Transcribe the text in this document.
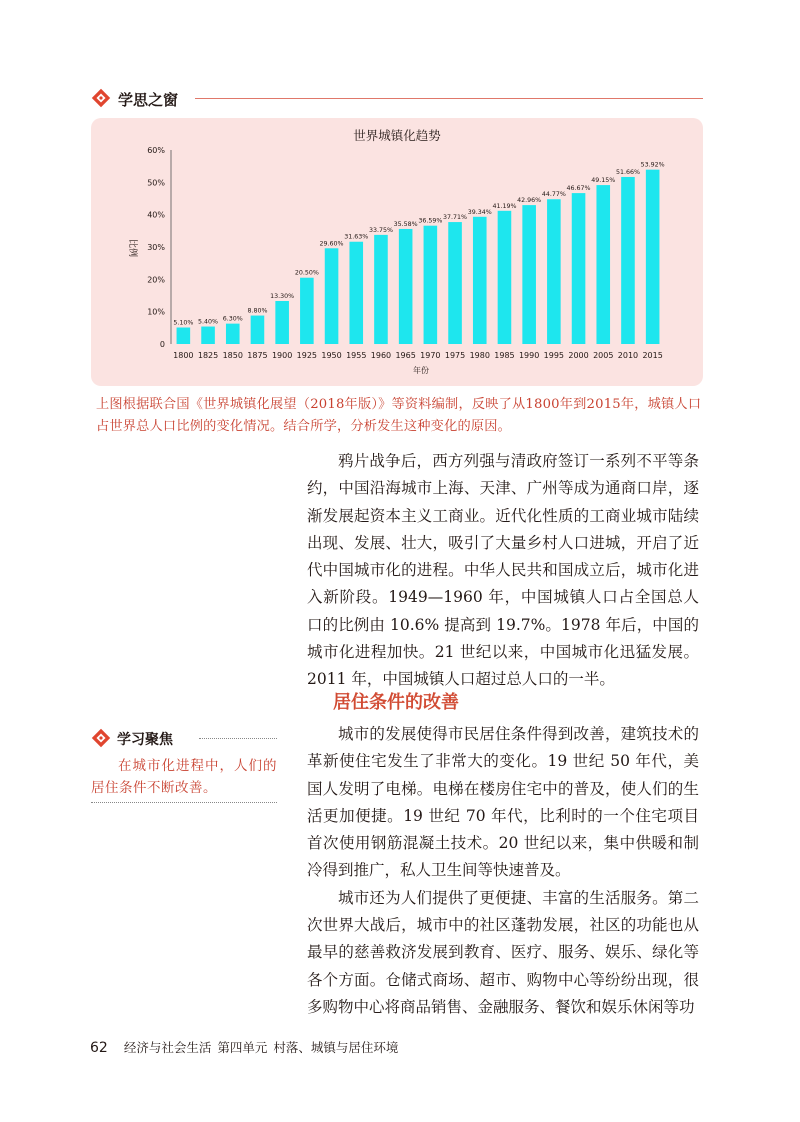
学思之窗
世界城镇化趋势
比例
年份
0
10%
20%
30%
40%
50%
60%
5.10%
1800
5.40%
1825
6.30%
1850
8.80%
1875
13.30%
1900
20.50%
1925
29.60%
1950
31.63%
1955
33.75%
1960
35.58%
1965
36.59%
1970
37.71%
1975
39.34%
1980
41.19%
1985
42.96%
1990
44.77%
1995
46.67%
2000
49.15%
2005
51.66%
2010
53.92%
2015
上图根据联合国《世界城镇化展望（2018年版）》等资料编制，反映了从1800年到2015年，城镇人口占世界总人口比例的变化情况。结合所学，分析发生这种变化的原因。

鸦片战争后，西方列强与清政府签订一系列不平等条约，中国沿海城市上海、天津、广州等成为通商口岸，逐渐发展起资本主义工商业。近代化性质的工商业城市陆续出现、发展、壮大，吸引了大量乡村人口进城，开启了近代中国城市化的进程。中华人民共和国成立后，城市化进入新阶段。1949—1960 年，中国城镇人口占全国总人口的比例由 10.6% 提高到 19.7%。1978 年后，中国的城市化进程加快。21 世纪以来，中国城市化迅猛发展。2011 年，中国城镇人口超过总人口的一半。

居住条件的改善
学习聚焦
在城市化进程中，人们的居住条件不断改善。

城市的发展使得市民居住条件得到改善，建筑技术的革新使住宅发生了非常大的变化。19 世纪 50 年代，美国人发明了电梯。电梯在楼房住宅中的普及，使人们的生活更加便捷。19 世纪 70 年代，比利时的一个住宅项目首次使用钢筋混凝土技术。20 世纪以来，集中供暖和制冷得到推广，私人卫生间等快速普及。

城市还为人们提供了更便捷、丰富的生活服务。第二次世界大战后，城市中的社区蓬勃发展，社区的功能也从最早的慈善救济发展到教育、医疗、服务、娱乐、绿化等各个方面。仓储式商场、超市、购物中心等纷纷出现，很多购物中心将商品销售、金融服务、餐饮和娱乐休闲等功

62 经济与社会生活 第四单元 村落、城镇与居住环境
